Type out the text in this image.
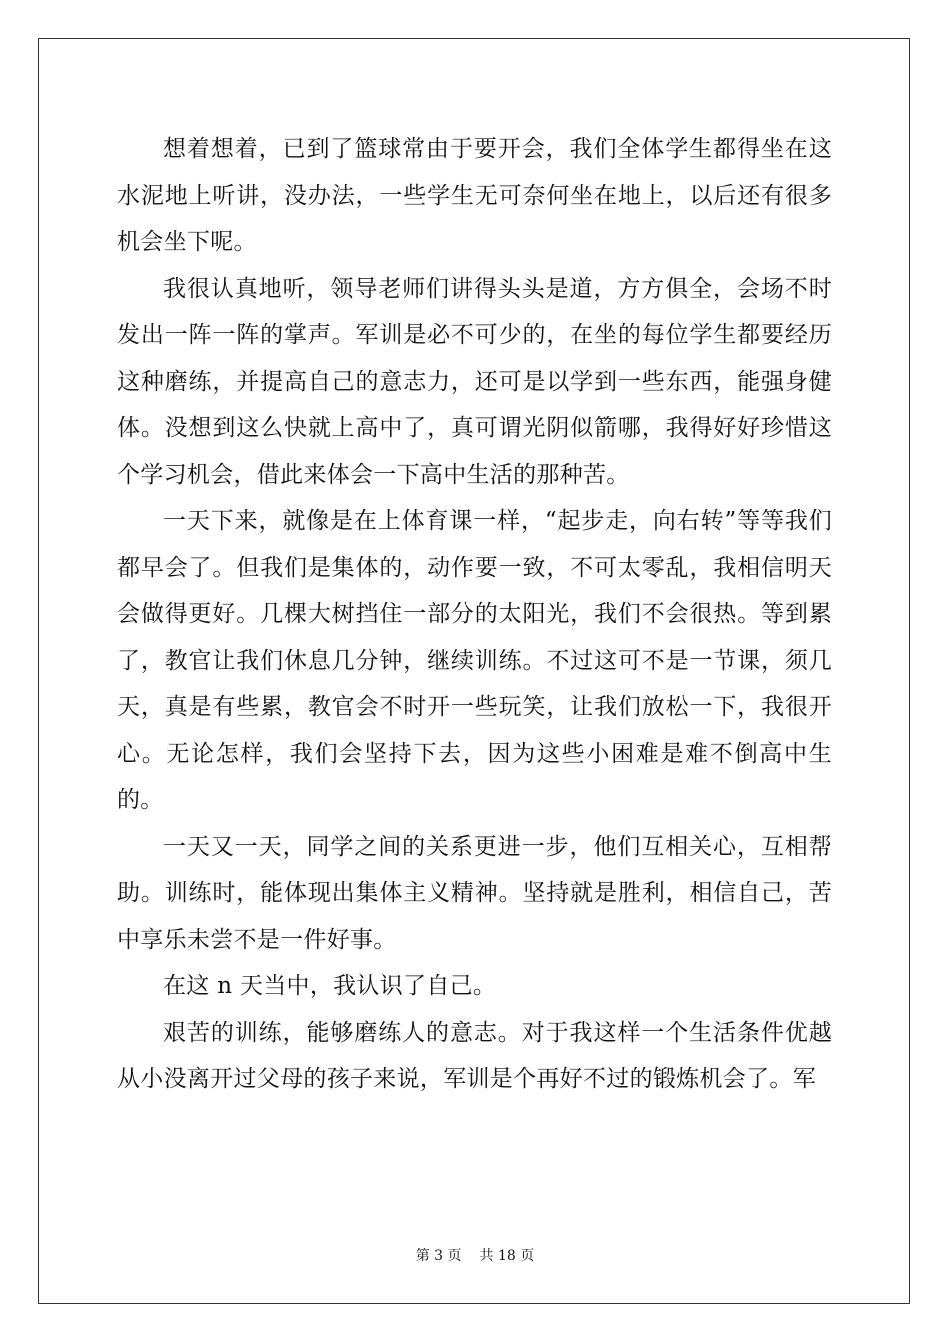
想着想着，已到了篮球常由于要开会，我们全体学生都得坐在这水泥地上听讲，没办法，一些学生无可奈何坐在地上，以后还有很多机会坐下呢。

我很认真地听，领导老师们讲得头头是道，方方俱全，会场不时发出一阵一阵的掌声。军训是必不可少的，在坐的每位学生都要经历这种磨练，并提高自己的意志力，还可是以学到一些东西，能强身健体。没想到这么快就上高中了，真可谓光阴似箭哪，我得好好珍惜这个学习机会，借此来体会一下高中生活的那种苦。

一天下来，就像是在上体育课一样，“起步走，向右转”等等我们都早会了。但我们是集体的，动作要一致，不可太零乱，我相信明天会做得更好。几棵大树挡住一部分的太阳光，我们不会很热。等到累了，教官让我们休息几分钟，继续训练。不过这可不是一节课，须几天，真是有些累，教官会不时开一些玩笑，让我们放松一下，我很开心。无论怎样，我们会坚持下去，因为这些小困难是难不倒高中生的。

一天又一天，同学之间的关系更进一步，他们互相关心，互相帮助。训练时，能体现出集体主义精神。坚持就是胜利，相信自己，苦中享乐未尝不是一件好事。

在这 n 天当中，我认识了自己。

艰苦的训练，能够磨练人的意志。对于我这样一个生活条件优越从小没离开过父母的孩子来说，军训是个再好不过的锻炼机会了。军

第 3 页 共 18 页
